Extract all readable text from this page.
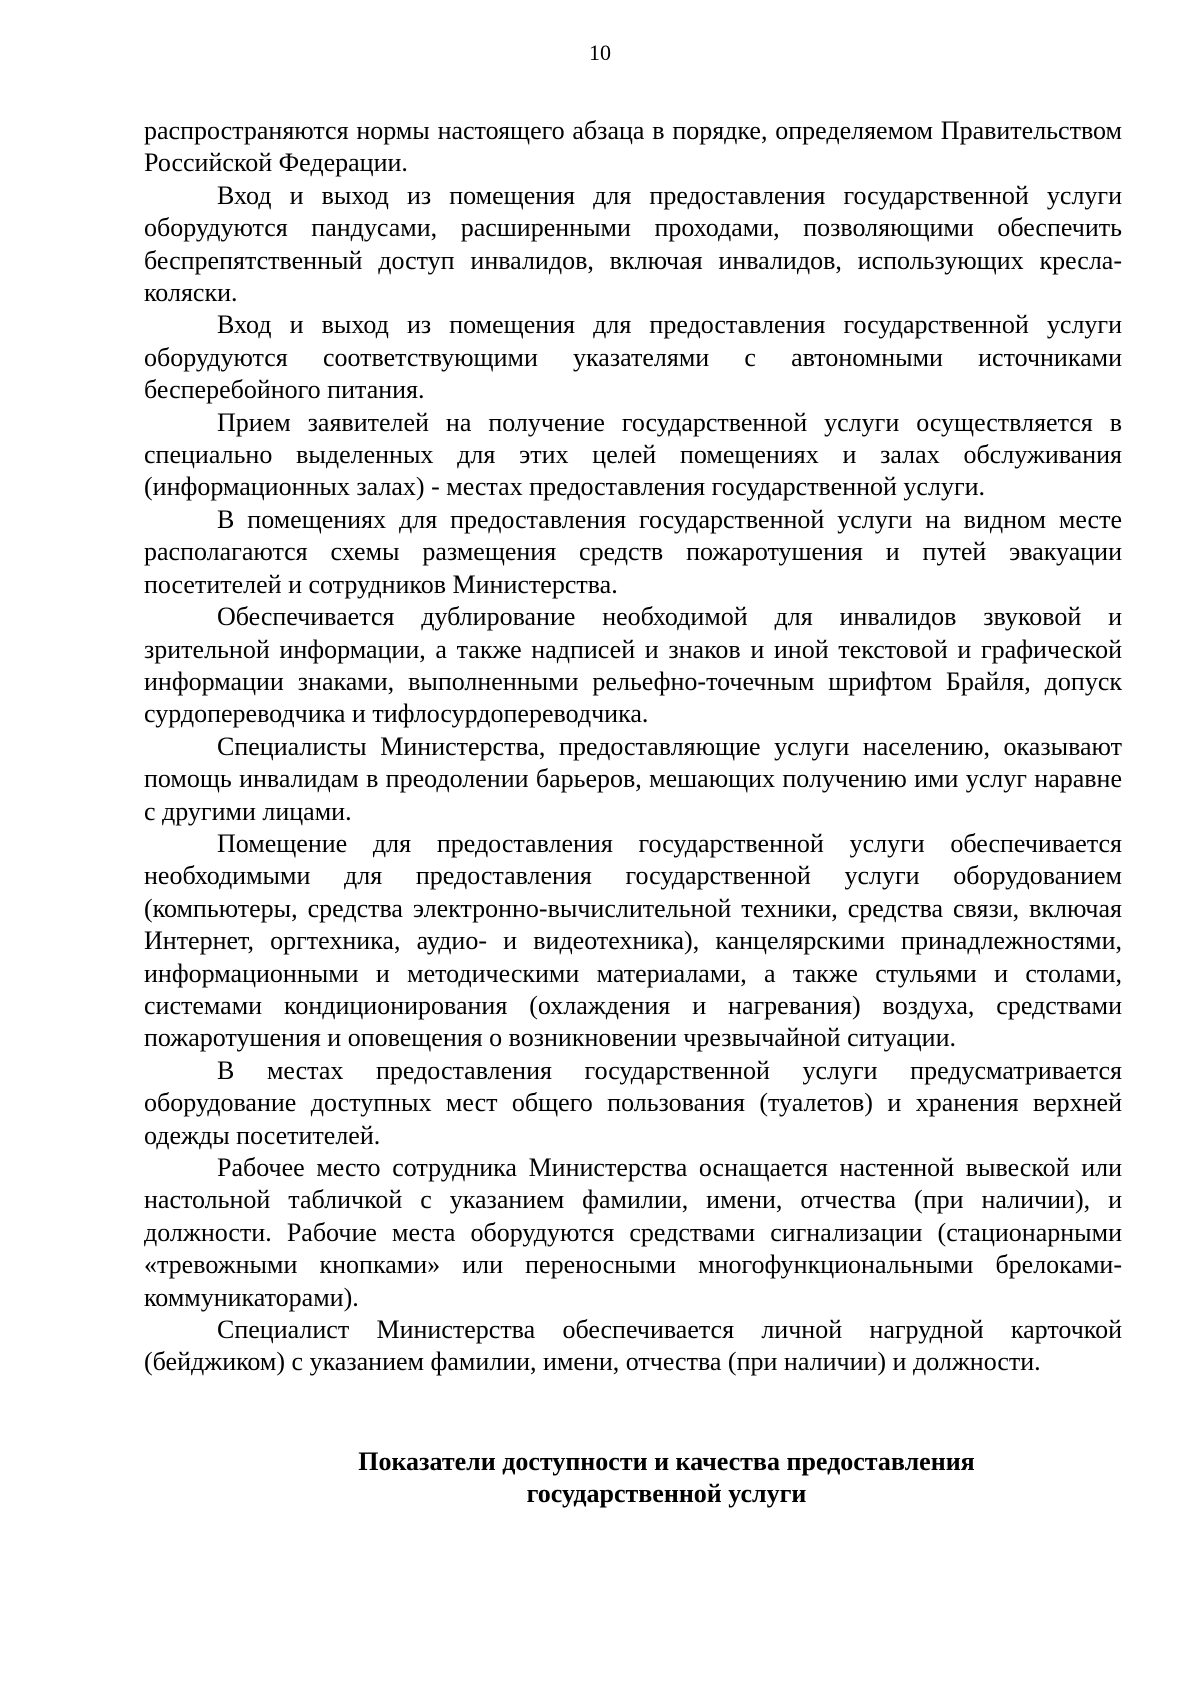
10

распространяются нормы настоящего абзаца в порядке, определяемом Правительством Российской Федерации.

Вход и выход из помещения для предоставления государственной услуги оборудуются пандусами, расширенными проходами, позволяющими обеспечить беспрепятственный доступ инвалидов, включая инвалидов, использующих кресла-коляски.

Вход и выход из помещения для предоставления государственной услуги оборудуются соответствующими указателями с автономными источниками бесперебойного питания.

Прием заявителей на получение государственной услуги осуществляется в специально выделенных для этих целей помещениях и залах обслуживания (информационных залах) - местах предоставления государственной услуги.

В помещениях для предоставления государственной услуги на видном месте располагаются схемы размещения средств пожаротушения и путей эвакуации посетителей и сотрудников Министерства.

Обеспечивается дублирование необходимой для инвалидов звуковой и зрительной информации, а также надписей и знаков и иной текстовой и графической информации знаками, выполненными рельефно-точечным шрифтом Брайля, допуск сурдопереводчика и тифлосурдопереводчика.

Специалисты Министерства, предоставляющие услуги населению, оказывают помощь инвалидам в преодолении барьеров, мешающих получению ими услуг наравне с другими лицами.

Помещение для предоставления государственной услуги обеспечивается необходимыми для предоставления государственной услуги оборудованием (компьютеры, средства электронно-вычислительной техники, средства связи, включая Интернет, оргтехника, аудио- и видеотехника), канцелярскими принадлежностями, информационными и методическими материалами, а также стульями и столами, системами кондиционирования (охлаждения и нагревания) воздуха, средствами пожаротушения и оповещения о возникновении чрезвычайной ситуации.

В местах предоставления государственной услуги предусматривается оборудование доступных мест общего пользования (туалетов) и хранения верхней одежды посетителей.

Рабочее место сотрудника Министерства оснащается настенной вывеской или настольной табличкой с указанием фамилии, имени, отчества (при наличии), и должности. Рабочие места оборудуются средствами сигнализации (стационарными «тревожными кнопками» или переносными многофункциональными брелоками-коммуникаторами).

Специалист Министерства обеспечивается личной нагрудной карточкой (бейджиком) с указанием фамилии, имени, отчества (при наличии) и должности.

Показатели доступности и качества предоставления
государственной услуги
